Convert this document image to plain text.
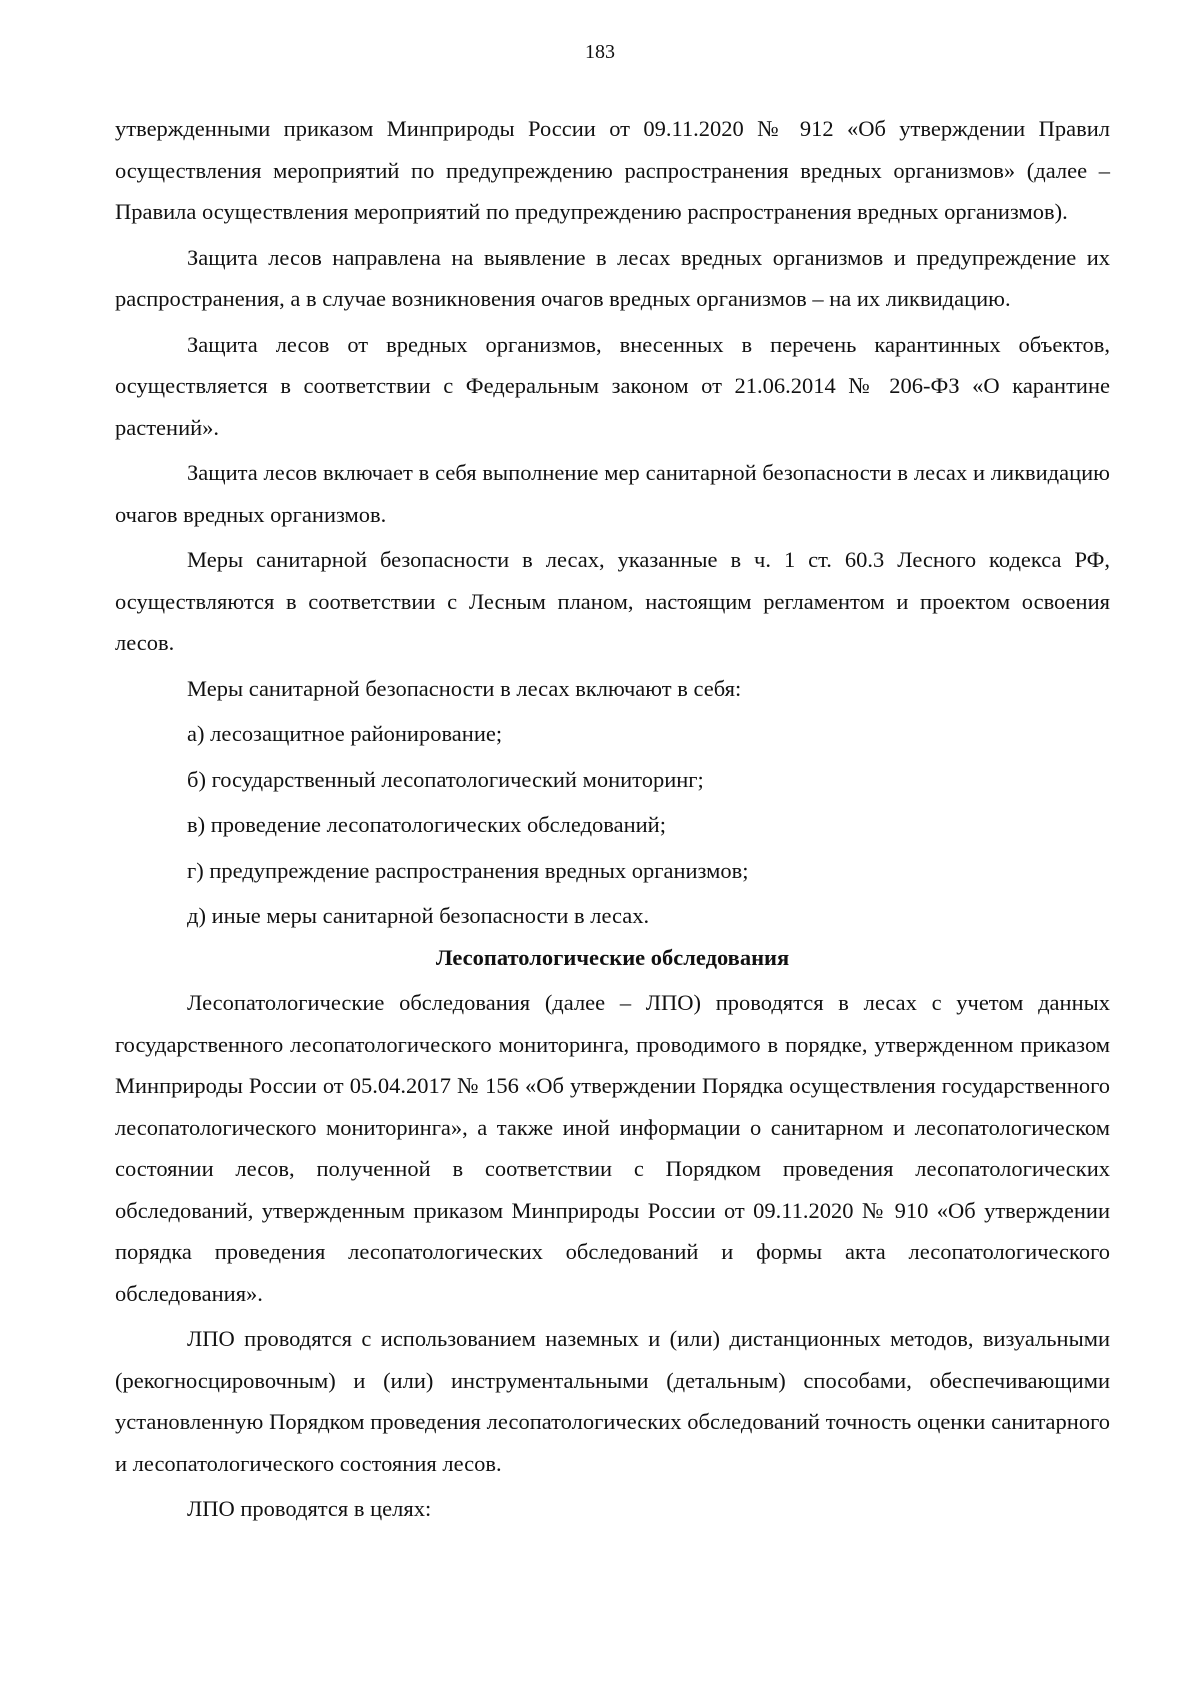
183

утвержденными приказом Минприроды России от 09.11.2020 № 912 «Об утверждении Правил осуществления мероприятий по предупреждению распространения вредных организмов» (далее – Правила осуществления мероприятий по предупреждению распространения вредных организмов).

Защита лесов направлена на выявление в лесах вредных организмов и предупреждение их распространения, а в случае возникновения очагов вредных организмов – на их ликвидацию.

Защита лесов от вредных организмов, внесенных в перечень карантинных объектов, осуществляется в соответствии с Федеральным законом от 21.06.2014 № 206-ФЗ «О карантине растений».

Защита лесов включает в себя выполнение мер санитарной безопасности в лесах и ликвидацию очагов вредных организмов.

Меры санитарной безопасности в лесах, указанные в ч. 1 ст. 60.3 Лесного кодекса РФ, осуществляются в соответствии с Лесным планом, настоящим регламентом и проектом освоения лесов.

Меры санитарной безопасности в лесах включают в себя:

а) лесозащитное районирование;

б) государственный лесопатологический мониторинг;

в) проведение лесопатологических обследований;

г) предупреждение распространения вредных организмов;

д) иные меры санитарной безопасности в лесах.

Лесопатологические обследования

Лесопатологические обследования (далее – ЛПО) проводятся в лесах с учетом данных государственного лесопатологического мониторинга, проводимого в порядке, утвержденном приказом Минприроды России от 05.04.2017 № 156 «Об утверждении Порядка осуществления государственного лесопатологического мониторинга», а также иной информации о санитарном и лесопатологическом состоянии лесов, полученной в соответствии с Порядком проведения лесопатологических обследований, утвержденным приказом Минприроды России от 09.11.2020 № 910 «Об утверждении порядка проведения лесопатологических обследований и формы акта лесопатологического обследования».

ЛПО проводятся с использованием наземных и (или) дистанционных методов, визуальными (рекогносцировочным) и (или) инструментальными (детальным) способами, обеспечивающими установленную Порядком проведения лесопатологических обследований точность оценки санитарного и лесопатологического состояния лесов.

ЛПО проводятся в целях:
